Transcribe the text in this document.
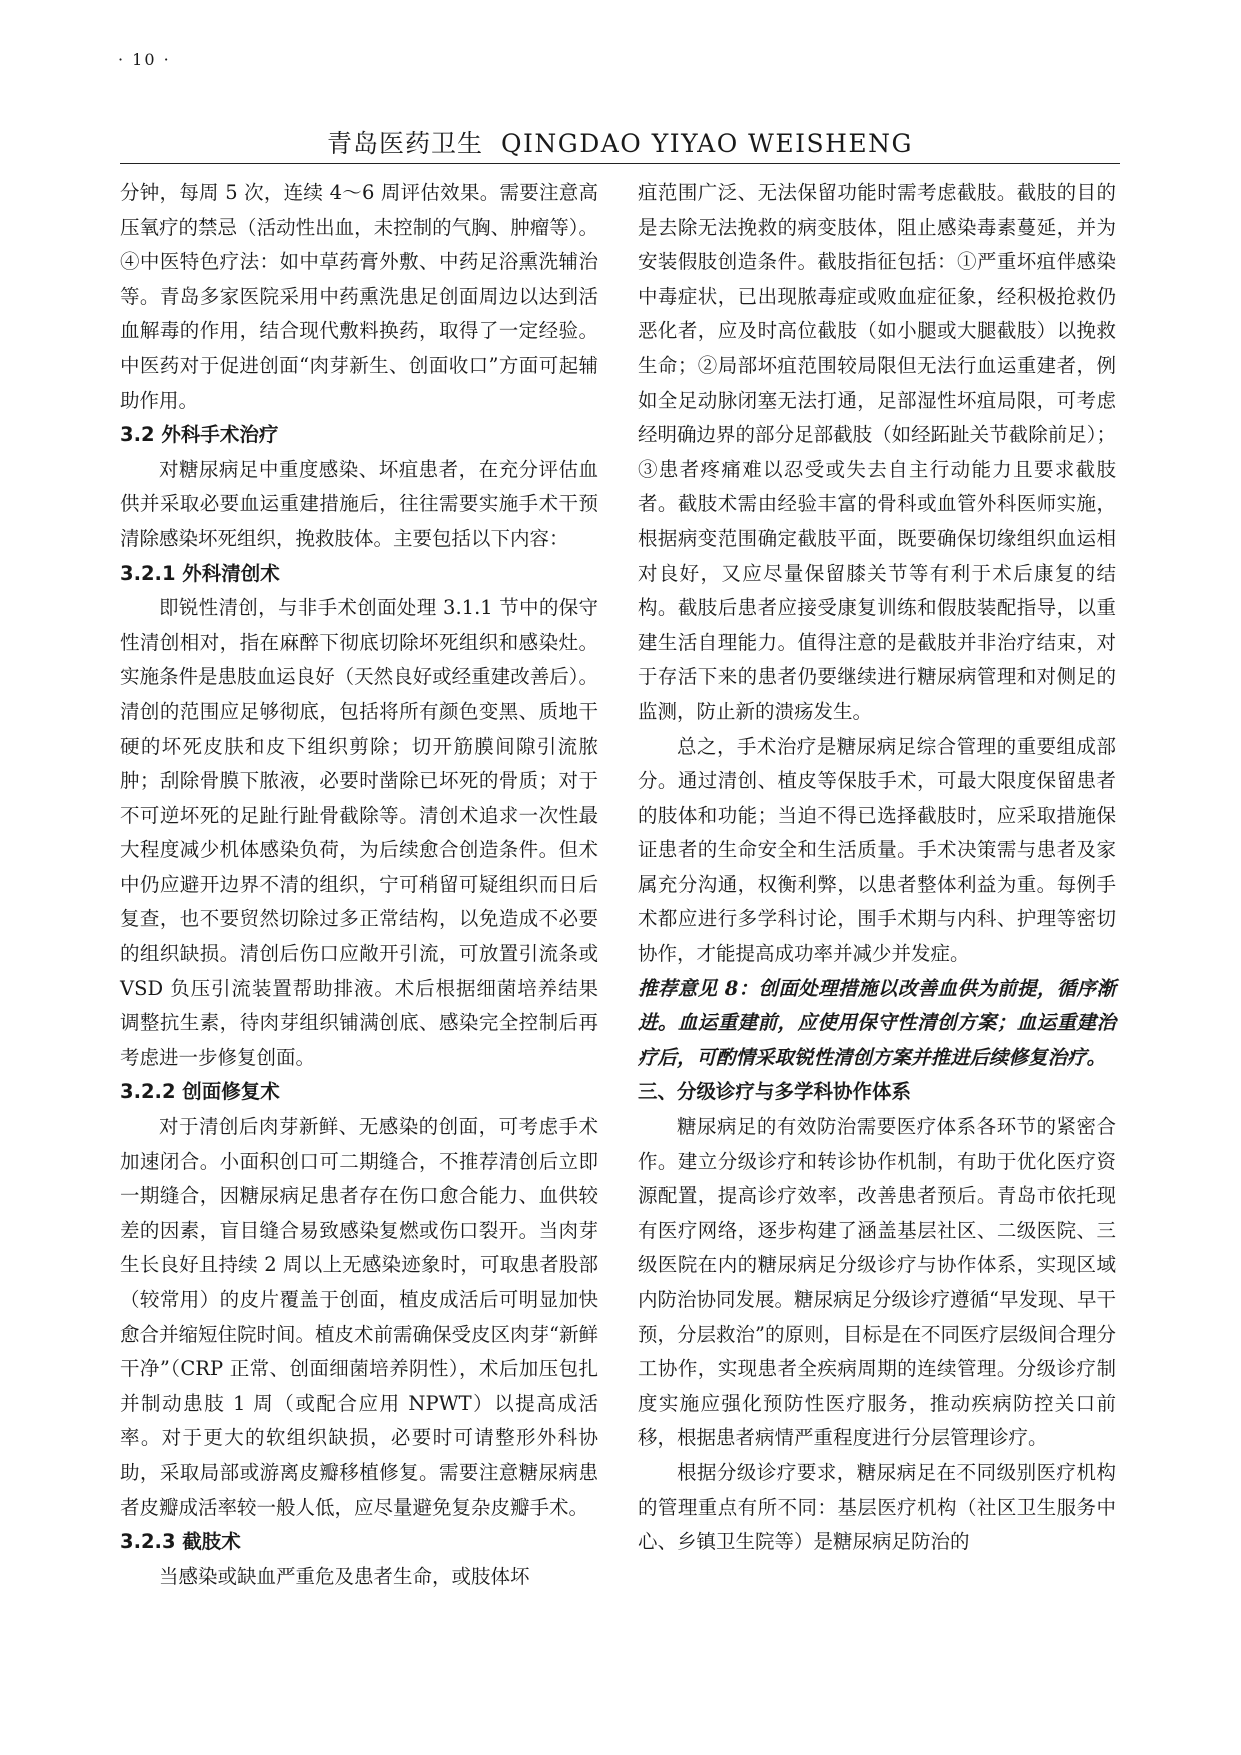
· 10 ·
青岛医药卫生 QINGDAO YIYAO WEISHENG

分钟，每周 5 次，连续 4～6 周评估效果。需要注意高压氧疗的禁忌（活动性出血，未控制的气胸、肿瘤等）。④中医特色疗法：如中草药膏外敷、中药足浴熏洗辅治等。青岛多家医院采用中药熏洗患足创面周边以达到活血解毒的作用，结合现代敷料换药，取得了一定经验。中医药对于促进创面“肉芽新生、创面收口”方面可起辅助作用。

3.2 外科手术治疗

对糖尿病足中重度感染、坏疽患者，在充分评估血供并采取必要血运重建措施后，往往需要实施手术干预清除感染坏死组织，挽救肢体。主要包括以下内容：

3.2.1 外科清创术

即锐性清创，与非手术创面处理 3.1.1 节中的保守性清创相对，指在麻醉下彻底切除坏死组织和感染灶。实施条件是患肢血运良好（天然良好或经重建改善后）。清创的范围应足够彻底，包括将所有颜色变黑、质地干硬的坏死皮肤和皮下组织剪除；切开筋膜间隙引流脓肿；刮除骨膜下脓液，必要时凿除已坏死的骨质；对于不可逆坏死的足趾行趾骨截除等。清创术追求一次性最大程度减少机体感染负荷，为后续愈合创造条件。但术中仍应避开边界不清的组织，宁可稍留可疑组织而日后复查，也不要贸然切除过多正常结构，以免造成不必要的组织缺损。清创后伤口应敞开引流，可放置引流条或 VSD 负压引流装置帮助排液。术后根据细菌培养结果调整抗生素，待肉芽组织铺满创底、感染完全控制后再考虑进一步修复创面。

3.2.2 创面修复术

对于清创后肉芽新鲜、无感染的创面，可考虑手术加速闭合。小面积创口可二期缝合，不推荐清创后立即一期缝合，因糖尿病足患者存在伤口愈合能力、血供较差的因素，盲目缝合易致感染复燃或伤口裂开。当肉芽生长良好且持续 2 周以上无感染迹象时，可取患者股部（较常用）的皮片覆盖于创面，植皮成活后可明显加快愈合并缩短住院时间。植皮术前需确保受皮区肉芽“新鲜干净”（CRP 正常、创面细菌培养阴性），术后加压包扎并制动患肢 1 周（或配合应用 NPWT）以提高成活率。对于更大的软组织缺损，必要时可请整形外科协助，采取局部或游离皮瓣移植修复。需要注意糖尿病患者皮瓣成活率较一般人低，应尽量避免复杂皮瓣手术。

3.2.3 截肢术

当感染或缺血严重危及患者生命，或肢体坏

疽范围广泛、无法保留功能时需考虑截肢。截肢的目的是去除无法挽救的病变肢体，阻止感染毒素蔓延，并为安装假肢创造条件。截肢指征包括：①严重坏疽伴感染中毒症状，已出现脓毒症或败血症征象，经积极抢救仍恶化者，应及时高位截肢（如小腿或大腿截肢）以挽救生命；②局部坏疽范围较局限但无法行血运重建者，例如全足动脉闭塞无法打通，足部湿性坏疽局限，可考虑经明确边界的部分足部截肢（如经跖趾关节截除前足）；③患者疼痛难以忍受或失去自主行动能力且要求截肢者。截肢术需由经验丰富的骨科或血管外科医师实施，根据病变范围确定截肢平面，既要确保切缘组织血运相对良好，又应尽量保留膝关节等有利于术后康复的结构。截肢后患者应接受康复训练和假肢装配指导，以重建生活自理能力。值得注意的是截肢并非治疗结束，对于存活下来的患者仍要继续进行糖尿病管理和对侧足的监测，防止新的溃疡发生。

总之，手术治疗是糖尿病足综合管理的重要组成部分。通过清创、植皮等保肢手术，可最大限度保留患者的肢体和功能；当迫不得已选择截肢时，应采取措施保证患者的生命安全和生活质量。手术决策需与患者及家属充分沟通，权衡利弊，以患者整体利益为重。每例手术都应进行多学科讨论，围手术期与内科、护理等密切协作，才能提高成功率并减少并发症。

推荐意见 8：创面处理措施以改善血供为前提，循序渐进。血运重建前，应使用保守性清创方案；血运重建治疗后，可酌情采取锐性清创方案并推进后续修复治疗。

三、分级诊疗与多学科协作体系

糖尿病足的有效防治需要医疗体系各环节的紧密合作。建立分级诊疗和转诊协作机制，有助于优化医疗资源配置，提高诊疗效率，改善患者预后。青岛市依托现有医疗网络，逐步构建了涵盖基层社区、二级医院、三级医院在内的糖尿病足分级诊疗与协作体系，实现区域内防治协同发展。糖尿病足分级诊疗遵循“早发现、早干预，分层救治”的原则，目标是在不同医疗层级间合理分工协作，实现患者全疾病周期的连续管理。分级诊疗制度实施应强化预防性医疗服务，推动疾病防控关口前移，根据患者病情严重程度进行分层管理诊疗。

根据分级诊疗要求，糖尿病足在不同级别医疗机构的管理重点有所不同：基层医疗机构（社区卫生服务中心、乡镇卫生院等）是糖尿病足防治的
